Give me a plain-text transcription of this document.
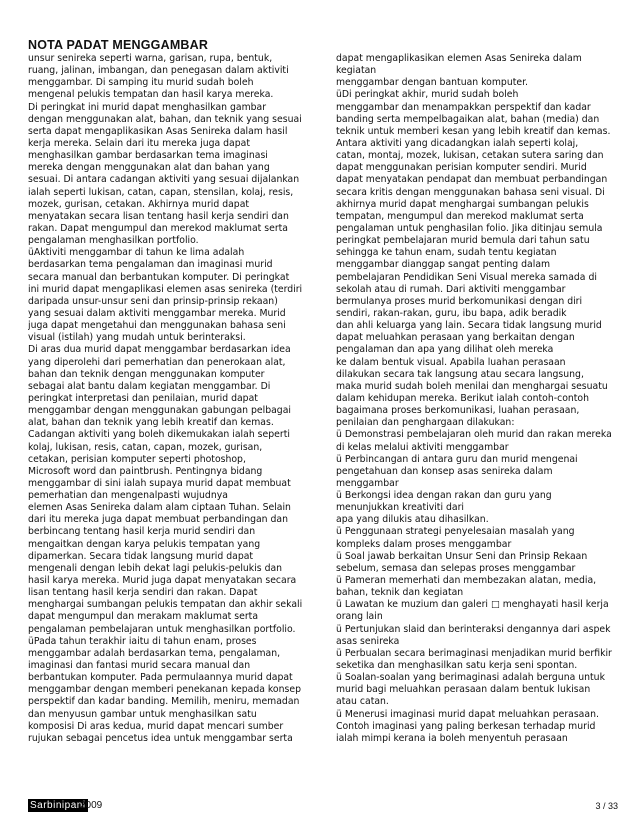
NOTA PADAT MENGGAMBAR
unsur senireka seperti warna, garisan, rupa, bentuk,
ruang, jalinan, imbangan, dan penegasan dalam aktiviti
menggambar. Di samping itu murid sudah boleh
mengenal pelukis tempatan dan hasil karya mereka.
Di peringkat ini murid dapat menghasilkan gambar
dengan menggunakan alat, bahan, dan teknik yang sesuai
serta dapat mengaplikasikan Asas Senireka dalam hasil
kerja mereka. Selain dari itu mereka juga dapat
menghasilkan gambar berdasarkan tema imaginasi
mereka dengan menggunakan alat dan bahan yang
sesuai. Di antara cadangan aktiviti yang sesuai dijalankan
ialah seperti lukisan, catan, capan, stensilan, kolaj, resis,
mozek, gurisan, cetakan. Akhirnya murid dapat
menyatakan secara lisan tentang hasil kerja sendiri dan
rakan. Dapat mengumpul dan merekod maklumat serta
pengalaman menghasilkan portfolio.
üAktiviti menggambar di tahun ke lima adalah
berdasarkan tema pengalaman dan imaginasi murid
secara manual dan berbantukan komputer. Di peringkat
ini murid dapat mengaplikasi elemen asas senireka (terdiri
daripada unsur-unsur seni dan prinsip-prinsip rekaan)
yang sesuai dalam aktiviti menggambar mereka. Murid
juga dapat mengetahui dan menggunakan bahasa seni
visual (istilah) yang mudah untuk berinteraksi.
Di aras dua murid dapat menggambar berdasarkan idea
yang diperolehi dari pemerhatian dan penerokaan alat,
bahan dan teknik dengan menggunakan komputer
sebagai alat bantu dalam kegiatan menggambar. Di
peringkat interpretasi dan penilaian, murid dapat
menggambar dengan menggunakan gabungan pelbagai
alat, bahan dan teknik yang lebih kreatif dan kemas.
Cadangan aktiviti yang boleh dikemukakan ialah seperti
kolaj, lukisan, resis, catan, capan, mozek, gurisan,
cetakan, perisian komputer seperti photoshop,
Microsoft word dan paintbrush. Pentingnya bidang
menggambar di sini ialah supaya murid dapat membuat
pemerhatian dan mengenalpasti wujudnya
elemen Asas Senireka dalam alam ciptaan Tuhan. Selain
dari itu mereka juga dapat membuat perbandingan dan
berbincang tentang hasil kerja murid sendiri dan
mengaitkan dengan karya pelukis tempatan yang
dipamerkan. Secara tidak langsung murid dapat
mengenali dengan lebih dekat lagi pelukis-pelukis dan
hasil karya mereka. Murid juga dapat menyatakan secara
lisan tentang hasil kerja sendiri dan rakan. Dapat
menghargai sumbangan pelukis tempatan dan akhir sekali
dapat mengumpul dan merakam maklumat serta
pengalaman pembelajaran untuk menghasilkan portfolio.
üPada tahun terakhir iaitu di tahun enam, proses
menggambar adalah berdasarkan tema, pengalaman,
imaginasi dan fantasi murid secara manual dan
berbantukan komputer. Pada permulaannya murid dapat
menggambar dengan memberi penekanan kepada konsep
perspektif dan kadar banding. Memilih, meniru, memadan
dan menyusun gambar untuk menghasilkan satu
komposisi Di aras kedua, murid dapat mencari sumber
rujukan sebagai pencetus idea untuk menggambar serta
dapat mengaplikasikan elemen Asas Senireka dalam
kegiatan
menggambar dengan bantuan komputer.
üDi peringkat akhir, murid sudah boleh
menggambar dan menampakkan perspektif dan kadar
banding serta mempelbagaikan alat, bahan (media) dan
teknik untuk memberi kesan yang lebih kreatif dan kemas.
Antara aktiviti yang dicadangkan ialah seperti kolaj,
catan, montaj, mozek, lukisan, cetakan sutera saring dan
dapat menggunakan perisian komputer sendiri. Murid
dapat menyatakan pendapat dan membuat perbandingan
secara kritis dengan menggunakan bahasa seni visual. Di
akhirnya murid dapat menghargai sumbangan pelukis
tempatan, mengumpul dan merekod maklumat serta
pengalaman untuk penghasilan folio. Jika ditinjau semula
peringkat pembelajaran murid bemula dari tahun satu
sehingga ke tahun enam, sudah tentu kegiatan
menggambar dianggap sangat penting dalam
pembelajaran Pendidikan Seni Visual mereka samada di
sekolah atau di rumah. Dari aktiviti menggambar
bermulanya proses murid berkomunikasi dengan diri
sendiri, rakan-rakan, guru, ibu bapa, adik beradik
dan ahli keluarga yang lain. Secara tidak langsung murid
dapat meluahkan perasaan yang berkaitan dengan
pengalaman dan apa yang dilihat oleh mereka
ke dalam bentuk visual. Apabila luahan perasaan
dilakukan secara tak langsung atau secara langsung,
maka murid sudah boleh menilai dan menghargai sesuatu
dalam kehidupan mereka. Berikut ialah contoh-contoh
bagaimana proses berkomunikasi, luahan perasaan,
penilaian dan penghargaan dilakukan:
ü Demonstrasi pembelajaran oleh murid dan rakan mereka
di kelas melalui aktiviti menggambar
ü Perbincangan di antara guru dan murid mengenai
pengetahuan dan konsep asas senireka dalam
menggambar
ü Berkongsi idea dengan rakan dan guru yang
menunjukkan kreativiti dari
apa yang dilukis atau dihasilkan.
ü Penggunaan strategi penyelesaian masalah yang
kompleks dalam proses menggambar
ü Soal jawab berkaitan Unsur Seni dan Prinsip Rekaan
sebelum, semasa dan selepas proses menggambar
ü Pameran memerhati dan membezakan alatan, media,
bahan, teknik dan kegiatan
ü Lawatan ke muzium dan galeri □ menghayati hasil kerja
orang lain
ü Pertunjukan slaid dan berinteraksi dengannya dari aspek
asas senireka
ü Perbualan secara berimaginasi menjadikan murid berfikir
seketika dan menghasilkan satu kerja seni spontan.
ü Soalan-soalan yang berimaginasi adalah berguna untuk
murid bagi meluahkan perasaan dalam bentuk lukisan
atau catan.
ü Menerusi imaginasi murid dapat meluahkan perasaan.
Contoh imaginasi yang paling berkesan terhadap murid
ialah mimpi kerana ia boleh menyentuh perasaan
Sarbinipani
2009	3 / 33
